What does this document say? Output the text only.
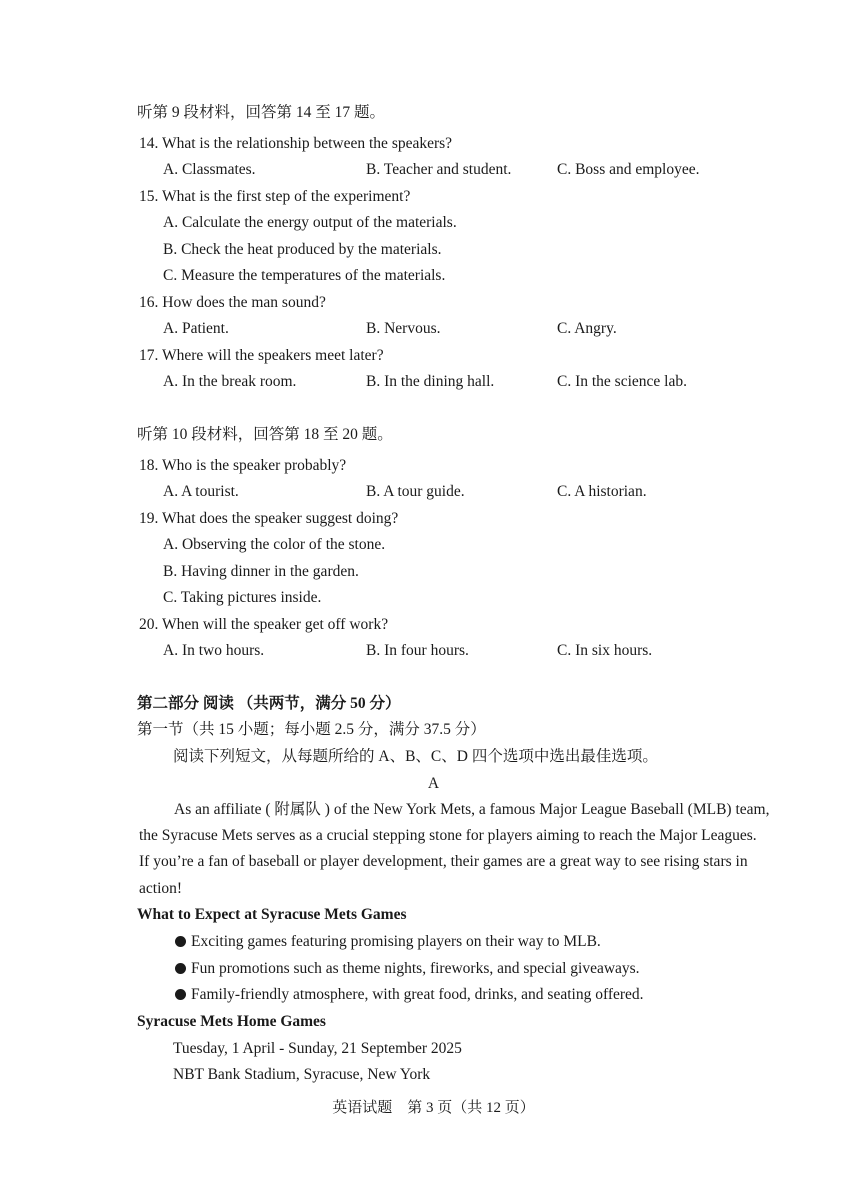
听第 9 段材料，回答第 14 至 17 题。
14. What is the relationship between the speakers?
A. Classmates.	B. Teacher and student.	C. Boss and employee.
15. What is the first step of the experiment?
A. Calculate the energy output of the materials.
B. Check the heat produced by the materials.
C. Measure the temperatures of the materials.
16. How does the man sound?
A. Patient.	B. Nervous.	C. Angry.
17. Where will the speakers meet later?
A. In the break room.	B. In the dining hall.	C. In the science lab.
听第 10 段材料，回答第 18 至 20 题。
18. Who is the speaker probably?
A. A tourist.	B. A tour guide.	C. A historian.
19. What does the speaker suggest doing?
A. Observing the color of the stone.
B. Having dinner in the garden.
C. Taking pictures inside.
20. When will the speaker get off work?
A. In two hours.	B. In four hours.	C. In six hours.
第二部分 阅读 （共两节，满分 50 分）
第一节（共 15 小题；每小题 2.5 分，满分 37.5 分）
阅读下列短文，从每题所给的 A、B、C、D 四个选项中选出最佳选项。
A
As an affiliate ( 附属队 ) of the New York Mets, a famous Major League Baseball (MLB) team,
the Syracuse Mets serves as a crucial stepping stone for players aiming to reach the Major Leagues.
If you’re a fan of baseball or player development, their games are a great way to see rising stars in
action!
What to Expect at Syracuse Mets Games
Exciting games featuring promising players on their way to MLB.
Fun promotions such as theme nights, fireworks, and special giveaways.
Family-friendly atmosphere, with great food, drinks, and seating offered.
Syracuse Mets Home Games
Tuesday, 1 April - Sunday, 21 September 2025
NBT Bank Stadium, Syracuse, New York
英语试题　第 3 页（共 12 页）
